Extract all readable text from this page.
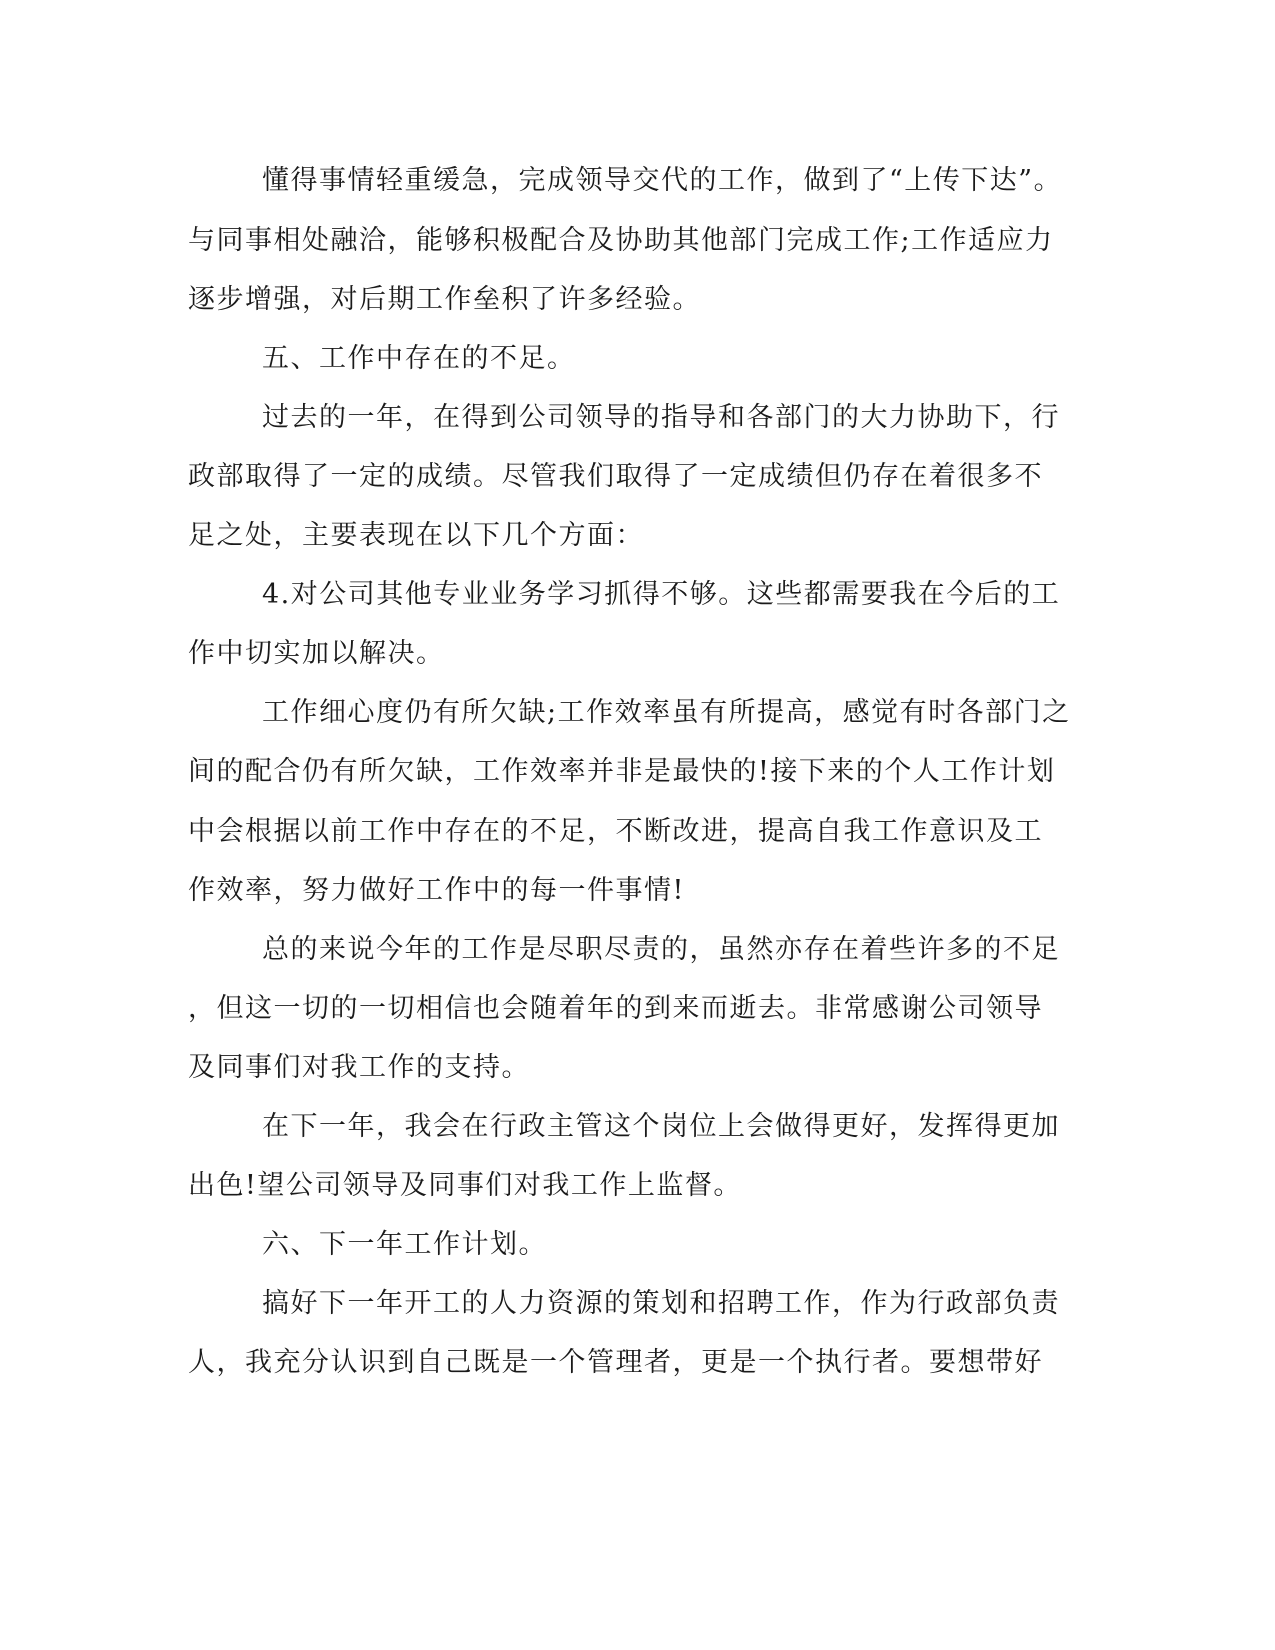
懂得事情轻重缓急，完成领导交代的工作，做到了“上传下达”。
与同事相处融洽，能够积极配合及协助其他部门完成工作;工作适应力
逐步增强，对后期工作垒积了许多经验。
五、工作中存在的不足。
过去的一年，在得到公司领导的指导和各部门的大力协助下，行
政部取得了一定的成绩。尽管我们取得了一定成绩但仍存在着很多不
足之处，主要表现在以下几个方面：
4.对公司其他专业业务学习抓得不够。这些都需要我在今后的工
作中切实加以解决。
工作细心度仍有所欠缺;工作效率虽有所提高，感觉有时各部门之
间的配合仍有所欠缺，工作效率并非是最快的!接下来的个人工作计划
中会根据以前工作中存在的不足，不断改进，提高自我工作意识及工
作效率，努力做好工作中的每一件事情!
总的来说今年的工作是尽职尽责的，虽然亦存在着些许多的不足
，但这一切的一切相信也会随着年的到来而逝去。非常感谢公司领导
及同事们对我工作的支持。
在下一年，我会在行政主管这个岗位上会做得更好，发挥得更加
出色!望公司领导及同事们对我工作上监督。
六、下一年工作计划。
搞好下一年开工的人力资源的策划和招聘工作，作为行政部负责
人，我充分认识到自己既是一个管理者，更是一个执行者。要想带好
